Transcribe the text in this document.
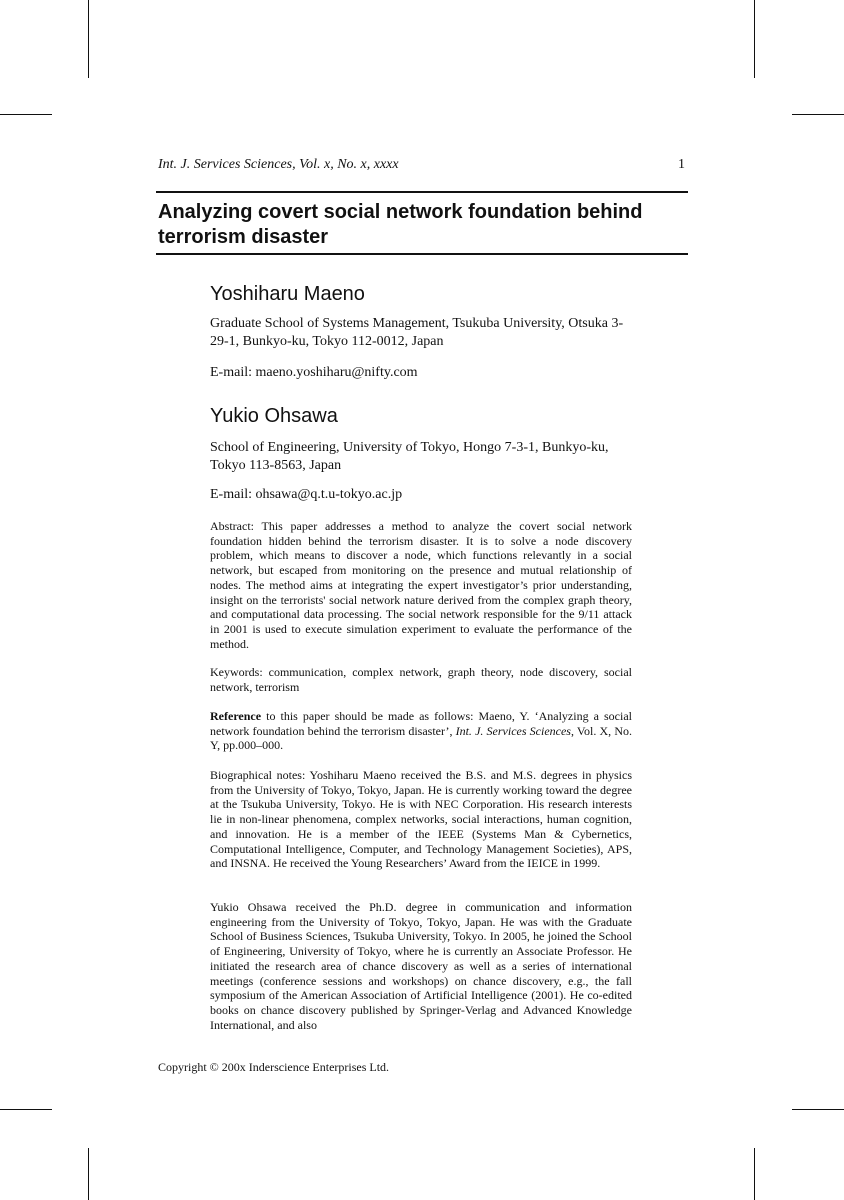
Int. J. Services Sciences, Vol. x, No. x, xxxx	1
Analyzing covert social network foundation behind terrorism disaster
Yoshiharu Maeno

Graduate School of Systems Management, Tsukuba University, Otsuka 3-29-1, Bunkyo-ku, Tokyo 112-0012, Japan

E-mail: maeno.yoshiharu@nifty.com

Yukio Ohsawa

School of Engineering, University of Tokyo, Hongo 7-3-1, Bunkyo-ku, Tokyo 113-8563, Japan

E-mail: ohsawa@q.t.u-tokyo.ac.jp

Abstract: This paper addresses a method to analyze the covert social network foundation hidden behind the terrorism disaster. It is to solve a node discovery problem, which means to discover a node, which functions relevantly in a social network, but escaped from monitoring on the presence and mutual relationship of nodes. The method aims at integrating the expert investigator’s prior understanding, insight on the terrorists' social network nature derived from the complex graph theory, and computational data processing. The social network responsible for the 9/11 attack in 2001 is used to execute simulation experiment to evaluate the performance of the method.

Keywords: communication, complex network, graph theory, node discovery, social network, terrorism

Reference to this paper should be made as follows: Maeno, Y. ‘Analyzing a social network foundation behind the terrorism disaster’, Int. J. Services Sciences, Vol. X, No. Y, pp.000–000.

Biographical notes: Yoshiharu Maeno received the B.S. and M.S. degrees in physics from the University of Tokyo, Tokyo, Japan. He is currently working toward the degree at the Tsukuba University, Tokyo. He is with NEC Corporation. His research interests lie in non-linear phenomena, complex networks, social interactions, human cognition, and innovation. He is a member of the IEEE (Systems Man & Cybernetics, Computational Intelligence, Computer, and Technology Management Societies), APS, and INSNA. He received the Young Researchers’ Award from the IEICE in 1999.

Yukio Ohsawa received the Ph.D. degree in communication and information engineering from the University of Tokyo, Tokyo, Japan. He was with the Graduate School of Business Sciences, Tsukuba University, Tokyo. In 2005, he joined the School of Engineering, University of Tokyo, where he is currently an Associate Professor. He initiated the research area of chance discovery as well as a series of international meetings (conference sessions and workshops) on chance discovery, e.g., the fall symposium of the American Association of Artificial Intelligence (2001). He co-edited books on chance discovery published by Springer-Verlag and Advanced Knowledge International, and also

Copyright © 200x Inderscience Enterprises Ltd.
